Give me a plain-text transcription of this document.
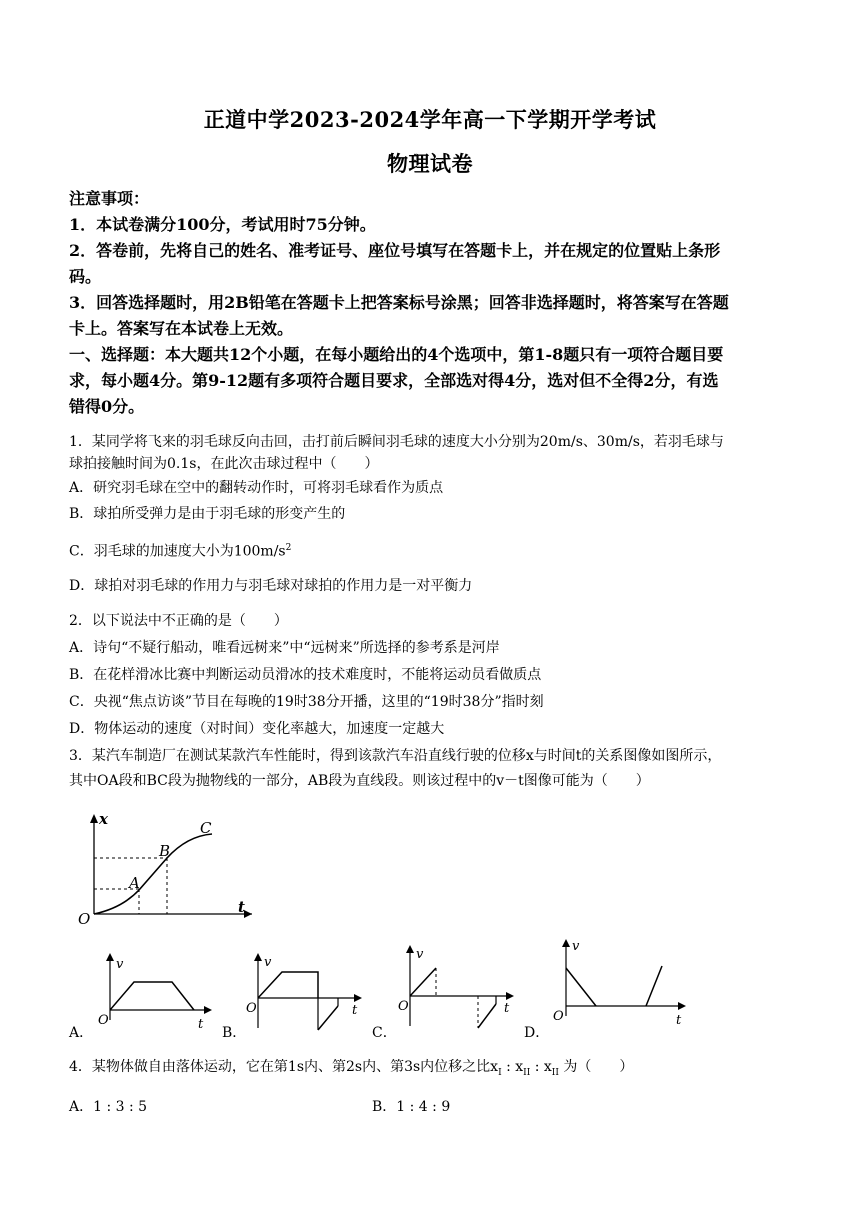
正道中学2023-2024学年高一下学期开学考试
物理试卷
注意事项：
1．本试卷满分100分，考试用时75分钟。
2．答卷前，先将自己的姓名、准考证号、座位号填写在答题卡上，并在规定的位置贴上条形
码。
3．回答选择题时，用2B铅笔在答题卡上把答案标号涂黑；回答非选择题时，将答案写在答题
卡上。答案写在本试卷上无效。
一、选择题：本大题共12个小题，在每小题给出的4个选项中，第1-8题只有一项符合题目要
求，每小题4分。第9-12题有多项符合题目要求，全部选对得4分，选对但不全得2分，有选
错得0分。
1．某同学将飞来的羽毛球反向击回，击打前后瞬间羽毛球的速度大小分别为20m/s、30m/s，若羽毛球与
球拍接触时间为0.1s，在此次击球过程中（　　）
A．研究羽毛球在空中的翻转动作时，可将羽毛球看作为质点
B．球拍所受弹力是由于羽毛球的形变产生的
C．羽毛球的加速度大小为$100m/s^2$
D．球拍对羽毛球的作用力与羽毛球对球拍的作用力是一对平衡力
2．以下说法中不正确的是（　　）
A．诗句“不疑行船动，唯看远树来”中“远树来”所选择的参考系是河岸
B．在花样滑冰比赛中判断运动员滑冰的技术难度时，不能将运动员看做质点
C．央视“焦点访谈”节目在每晚的19时38分开播，这里的“19时38分”指时刻
D．物体运动的速度（对时间）变化率越大，加速度一定越大
3．某汽车制造厂在测试某款汽车性能时，得到该款汽车沿直线行驶的位移x与时间t的关系图像如图所示，
其中OA段和BC段为抛物线的一部分，AB段为直线段。则该过程中的v－t图像可能为（　　）
x
t
O
A
B
C
v
t
O
A．
v
t
O
B．
v
t
O
C．
v
t
O
D．
4．某物体做自由落体运动，它在第1s内、第2s内、第3s内位移之比$x_I$ : $x_{II}$ : $x_{II}$ 为（　　）
A．1 : 3 : 5	B．1 : 4 : 9
